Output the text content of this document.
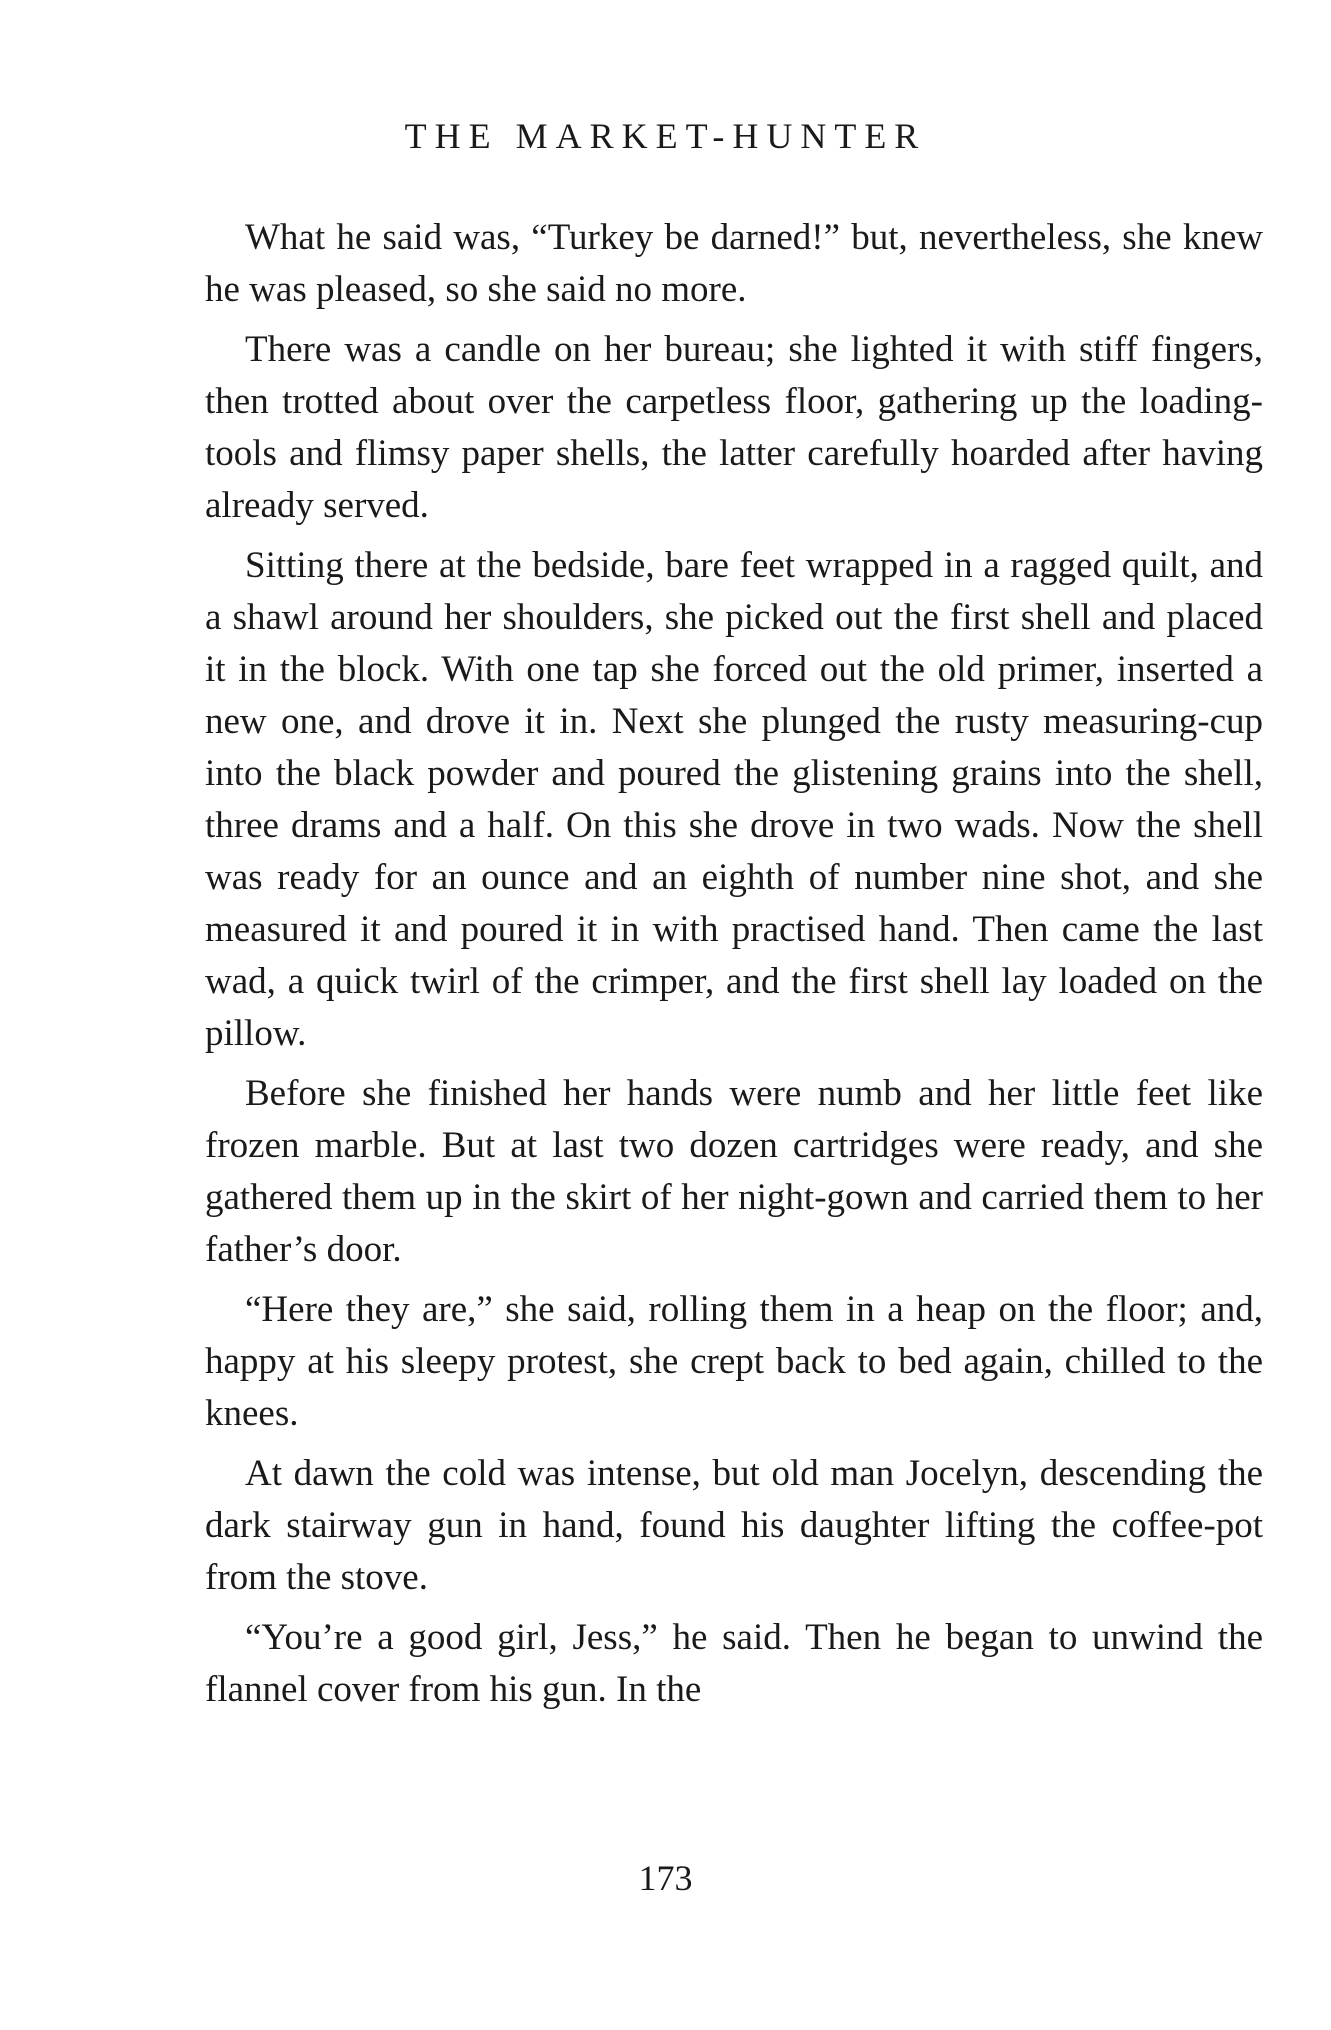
THE MARKET-HUNTER

What he said was, “Turkey be darned!” but, nevertheless, she knew he was pleased, so she said no more.

There was a candle on her bureau; she lighted it with stiff fingers, then trotted about over the carpetless floor, gathering up the loading-tools and flimsy paper shells, the latter carefully hoarded after having already served.

Sitting there at the bedside, bare feet wrapped in a ragged quilt, and a shawl around her shoulders, she picked out the first shell and placed it in the block. With one tap she forced out the old primer, inserted a new one, and drove it in. Next she plunged the rusty measuring-cup into the black powder and poured the glistening grains into the shell, three drams and a half. On this she drove in two wads. Now the shell was ready for an ounce and an eighth of number nine shot, and she measured it and poured it in with practised hand. Then came the last wad, a quick twirl of the crimper, and the first shell lay loaded on the pillow.

Before she finished her hands were numb and her little feet like frozen marble. But at last two dozen cartridges were ready, and she gathered them up in the skirt of her night-gown and carried them to her father’s door.

“Here they are,” she said, rolling them in a heap on the floor; and, happy at his sleepy protest, she crept back to bed again, chilled to the knees.

At dawn the cold was intense, but old man Jocelyn, descending the dark stairway gun in hand, found his daughter lifting the coffee-pot from the stove.

“You’re a good girl, Jess,” he said. Then he began to unwind the flannel cover from his gun. In the

173
